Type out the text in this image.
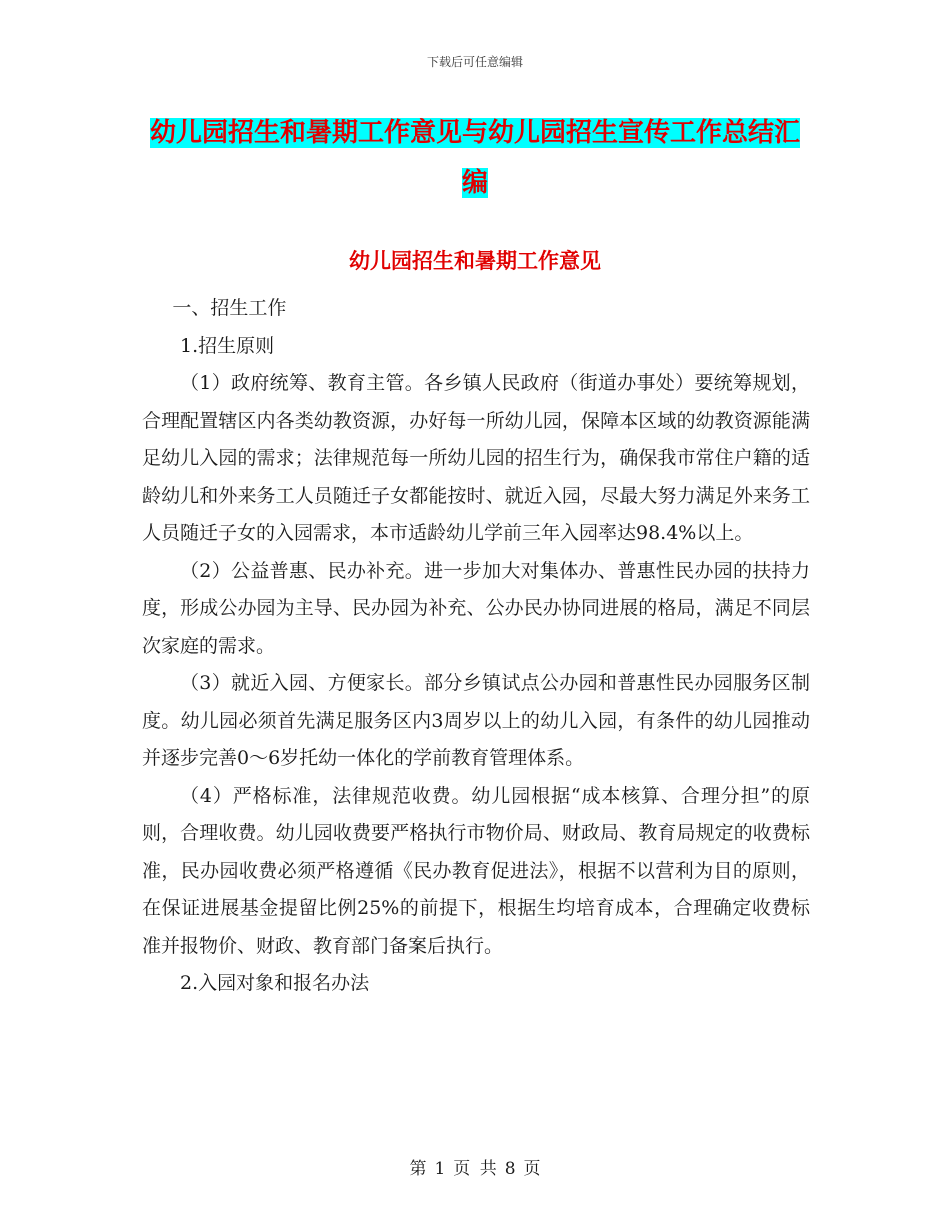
下载后可任意编辑
幼儿园招生和暑期工作意见与幼儿园招生宣传工作总结汇编
幼儿园招生和暑期工作意见

一、招生工作

1.招生原则

（1）政府统筹、教育主管。各乡镇人民政府（街道办事处）要统筹规划，合理配置辖区内各类幼教资源，办好每一所幼儿园，保障本区域的幼教资源能满足幼儿入园的需求；法律规范每一所幼儿园的招生行为，确保我市常住户籍的适龄幼儿和外来务工人员随迁子女都能按时、就近入园，尽最大努力满足外来务工人员随迁子女的入园需求，本市适龄幼儿学前三年入园率达98.4%以上。

（2）公益普惠、民办补充。进一步加大对集体办、普惠性民办园的扶持力度，形成公办园为主导、民办园为补充、公办民办协同进展的格局，满足不同层次家庭的需求。

（3）就近入园、方便家长。部分乡镇试点公办园和普惠性民办园服务区制度。幼儿园必须首先满足服务区内3周岁以上的幼儿入园，有条件的幼儿园推动并逐步完善0～6岁托幼一体化的学前教育管理体系。

（4）严格标准，法律规范收费。幼儿园根据“成本核算、合理分担”的原则，合理收费。幼儿园收费要严格执行市物价局、财政局、教育局规定的收费标准，民办园收费必须严格遵循《民办教育促进法》，根据不以营利为目的原则，在保证进展基金提留比例25%的前提下，根据生均培育成本，合理确定收费标准并报物价、财政、教育部门备案后执行。

2.入园对象和报名办法

第 1 页 共 8 页
